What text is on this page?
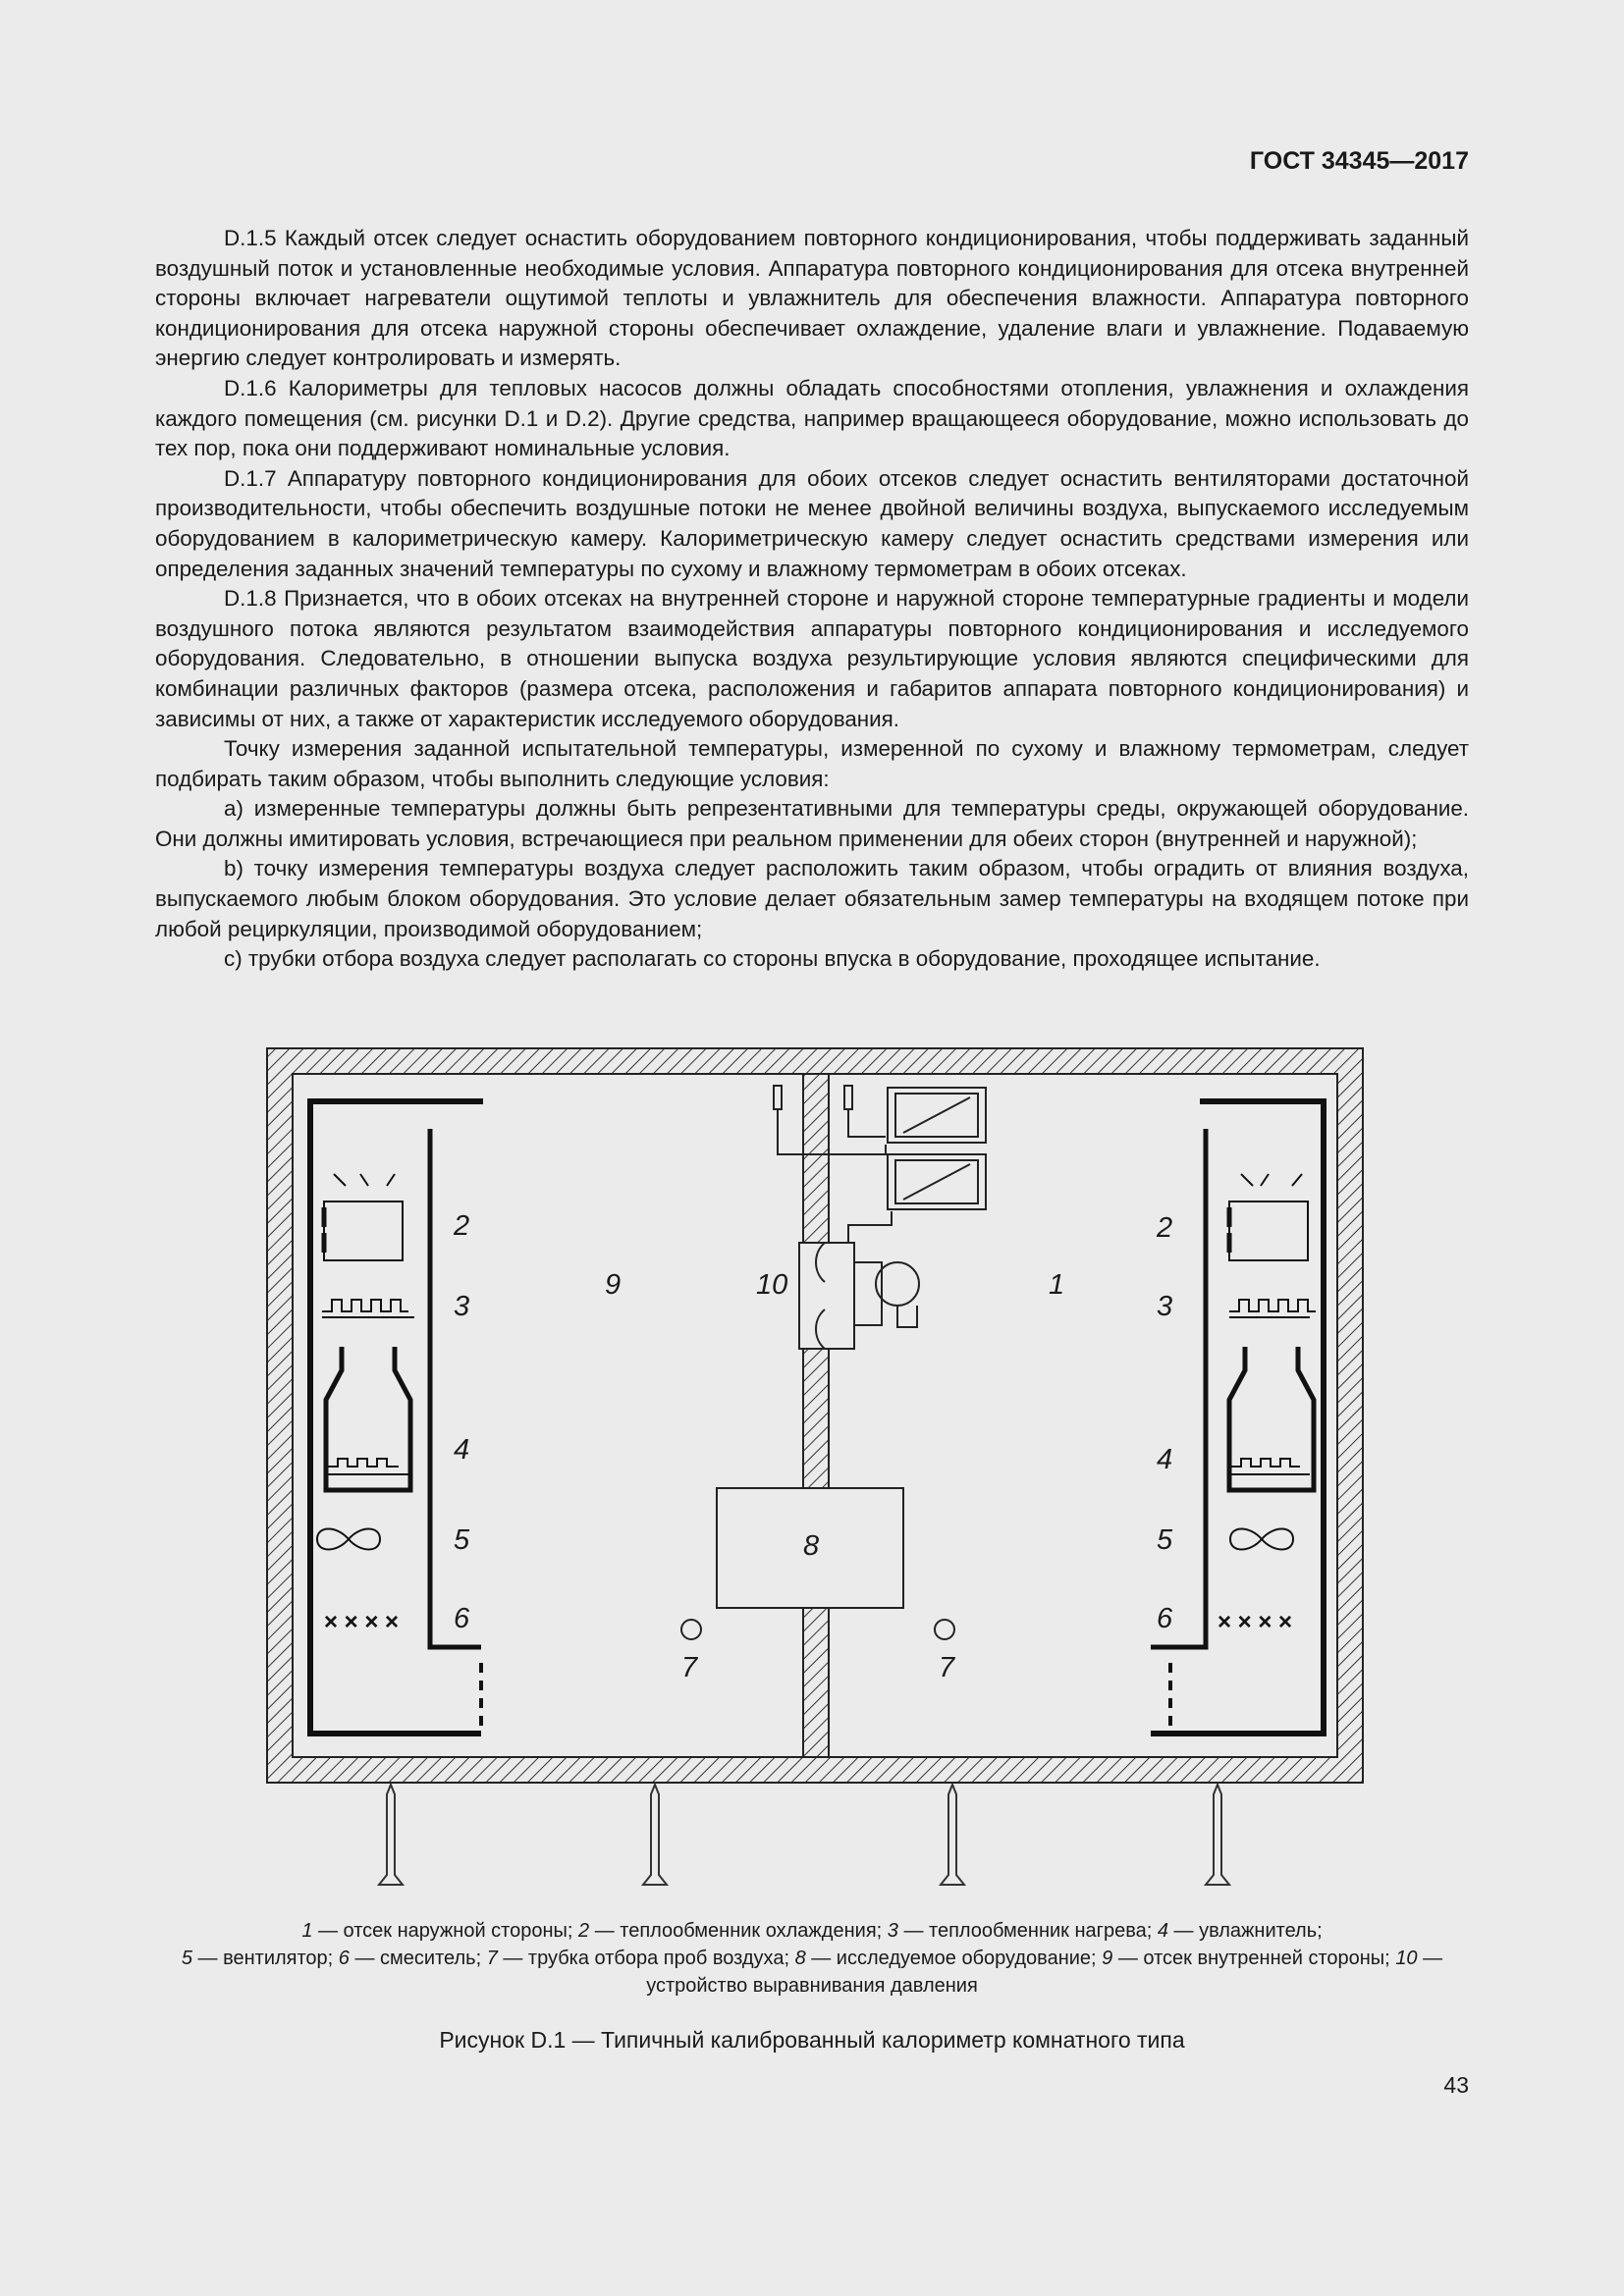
ГОСТ 34345—2017

D.1.5 Каждый отсек следует оснастить оборудованием повторного кондиционирования, чтобы поддерживать заданный воздушный поток и установленные необходимые условия. Аппаратура повторного кондиционирования для отсека внутренней стороны включает нагреватели ощутимой теплоты и увлажнитель для обеспечения влажности. Аппаратура повторного кондиционирования для отсека наружной стороны обеспечивает охлаждение, удаление влаги и увлажнение. Подаваемую энергию следует контролировать и измерять.

D.1.6 Калориметры для тепловых насосов должны обладать способностями отопления, увлажнения и охлаждения каждого помещения (см. рисунки D.1 и D.2). Другие средства, например вращающееся оборудование, можно использовать до тех пор, пока они поддерживают номинальные условия.

D.1.7 Аппаратуру повторного кондиционирования для обоих отсеков следует оснастить вентиляторами достаточной производительности, чтобы обеспечить воздушные потоки не менее двойной величины воздуха, выпускаемого исследуемым оборудованием в калориметрическую камеру. Калориметрическую камеру следует оснастить средствами измерения или определения заданных значений температуры по сухому и влажному термометрам в обоих отсеках.

D.1.8 Признается, что в обоих отсеках на внутренней стороне и наружной стороне температурные градиенты и модели воздушного потока являются результатом взаимодействия аппаратуры повторного кондиционирования и исследуемого оборудования. Следовательно, в отношении выпуска воздуха результирующие условия являются специфическими для комбинации различных факторов (размера отсека, расположения и габаритов аппарата повторного кондиционирования) и зависимы от них, а также от характеристик исследуемого оборудования.

Точку измерения заданной испытательной температуры, измеренной по сухому и влажному термометрам, следует подбирать таким образом, чтобы выполнить следующие условия:

a) измеренные температуры должны быть репрезентативными для температуры среды, окружающей оборудование. Они должны имитировать условия, встречающиеся при реальном применении для обеих сторон (внутренней и наружной);

b) точку измерения температуры воздуха следует расположить таким образом, чтобы оградить от влияния воздуха, выпускаемого любым блоком оборудования. Это условие делает обязательным замер температуры на входящем потоке при любой рециркуляции, производимой оборудованием;

c) трубки отбора воздуха следует располагать со стороны впуска в оборудование, проходящее испытание.

× × × ×	× × × ×
2
3
4
5
6
9	10	1
8
7	7
2
3
4
5
6
1 — отсек наружной стороны; 2 — теплообменник охлаждения; 3 — теплообменник нагрева; 4 — увлажнитель;
5 — вентилятор; 6 — смеситель; 7 — трубка отбора проб воздуха; 8 — исследуемое оборудование; 9 — отсек внутренней стороны; 10 — устройство выравнивания давления
Рисунок D.1 — Типичный калиброванный калориметр комнатного типа
43
